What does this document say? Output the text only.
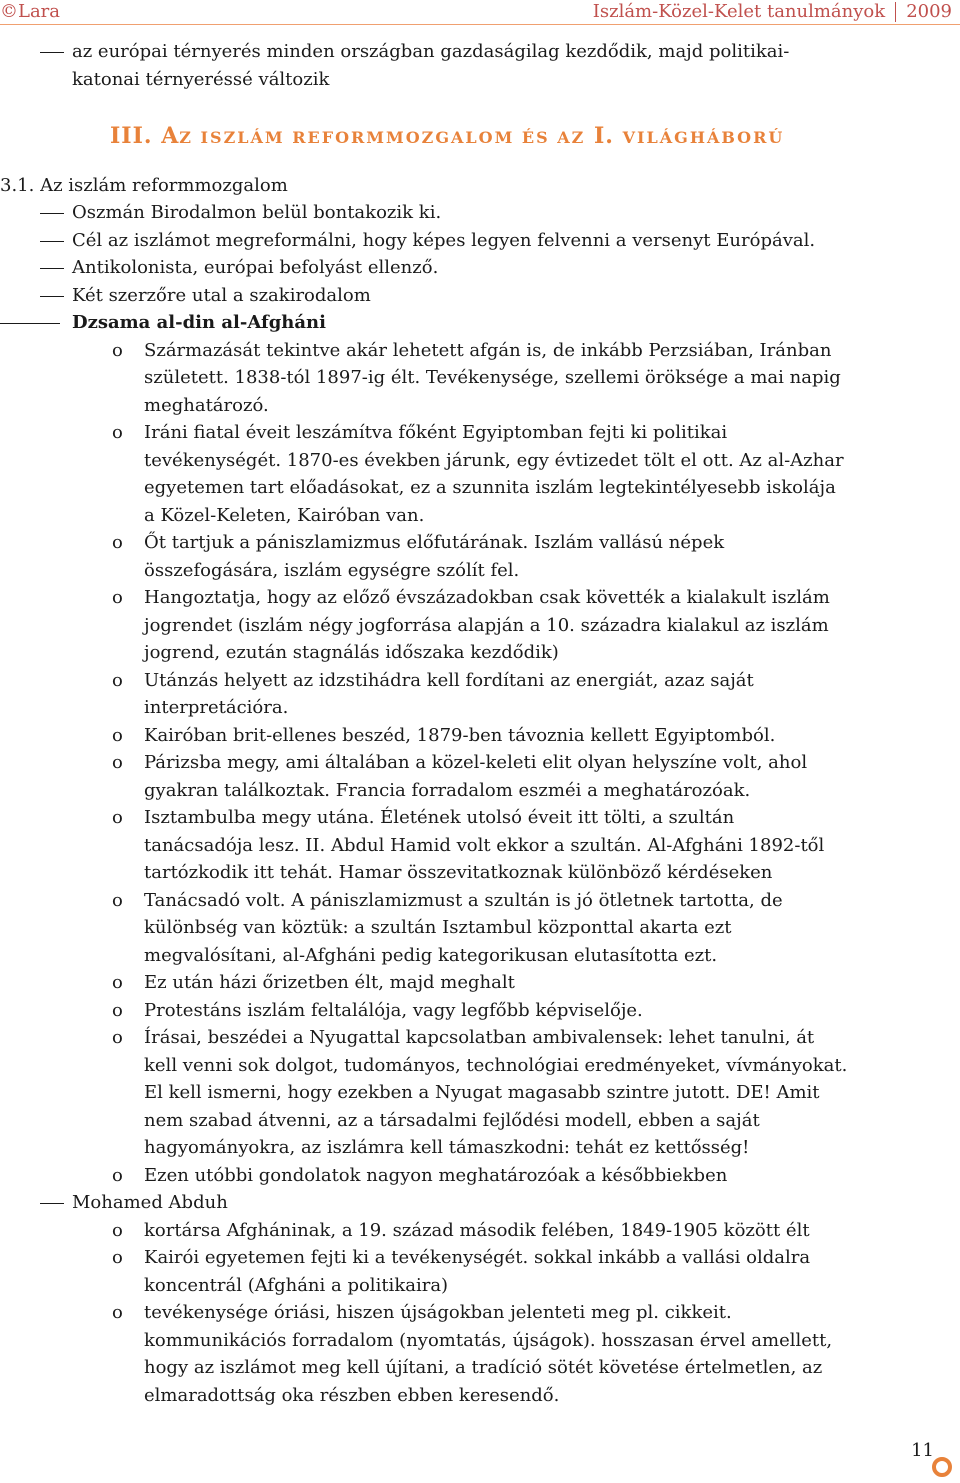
©Lara	Iszlám-Közel-Kelet tanulmányok 2009
az európai térnyerés minden országban gazdaságilag kezdődik, majd politikai-
katonai térnyeréssé változik
III. AZ ISZLÁM REFORMMOZGALOM ÉS AZ I. VILÁGHÁBORÚ
3.1. Az iszlám reformmozgalom
Oszmán Birodalmon belül bontakozik ki.
Cél az iszlámot megreformálni, hogy képes legyen felvenni a versenyt Európával.
Antikolonista, európai befolyást ellenző.
Két szerzőre utal a szakirodalom
Dzsama al-din al-Afgháni
o Származását tekintve akár lehetett afgán is, de inkább Perzsiában, Iránban
született. 1838-tól 1897-ig élt. Tevékenysége, szellemi öröksége a mai napig
meghatározó.
o Iráni fiatal éveit leszámítva főként Egyiptomban fejti ki politikai
tevékenységét. 1870-es években járunk, egy évtizedet tölt el ott. Az al-Azhar
egyetemen tart előadásokat, ez a szunnita iszlám legtekintélyesebb iskolája
a Közel-Keleten, Kairóban van.
o Őt tartjuk a pániszlamizmus előfutárának. Iszlám vallású népek
összefogására, iszlám egységre szólít fel.
o Hangoztatja, hogy az előző évszázadokban csak követték a kialakult iszlám
jogrendet (iszlám négy jogforrása alapján a 10. századra kialakul az iszlám
jogrend, ezután stagnálás időszaka kezdődik)
o Utánzás helyett az idzstihádra kell fordítani az energiát, azaz saját
interpretációra.
o Kairóban brit-ellenes beszéd, 1879-ben távoznia kellett Egyiptomból.
o Párizsba megy, ami általában a közel-keleti elit olyan helyszíne volt, ahol
gyakran találkoztak. Francia forradalom eszméi a meghatározóak.
o Isztambulba megy utána. Életének utolsó éveit itt tölti, a szultán
tanácsadója lesz. II. Abdul Hamid volt ekkor a szultán. Al-Afgháni 1892-től
tartózkodik itt tehát. Hamar összevitatkoznak különböző kérdéseken
o Tanácsadó volt. A pániszlamizmust a szultán is jó ötletnek tartotta, de
különbség van köztük: a szultán Isztambul központtal akarta ezt
megvalósítani, al-Afgháni pedig kategorikusan elutasította ezt.
o Ez után házi őrizetben élt, majd meghalt
o Protestáns iszlám feltalálója, vagy legfőbb képviselője.
o Írásai, beszédei a Nyugattal kapcsolatban ambivalensek: lehet tanulni, át
kell venni sok dolgot, tudományos, technológiai eredményeket, vívmányokat.
El kell ismerni, hogy ezekben a Nyugat magasabb szintre jutott. DE! Amit
nem szabad átvenni, az a társadalmi fejlődési modell, ebben a saját
hagyományokra, az iszlámra kell támaszkodni: tehát ez kettősség!
o Ezen utóbbi gondolatok nagyon meghatározóak a későbbiekben
Mohamed Abduh
o kortársa Afgháninak, a 19. század második felében, 1849-1905 között élt
o Kairói egyetemen fejti ki a tevékenységét. sokkal inkább a vallási oldalra
koncentrál (Afgháni a politikaira)
o tevékenysége óriási, hiszen újságokban jelenteti meg pl. cikkeit.
kommunikációs forradalom (nyomtatás, újságok). hosszasan érvel amellett,
hogy az iszlámot meg kell újítani, a tradíció sötét követése értelmetlen, az
elmaradottság oka részben ebben keresendő.
11
